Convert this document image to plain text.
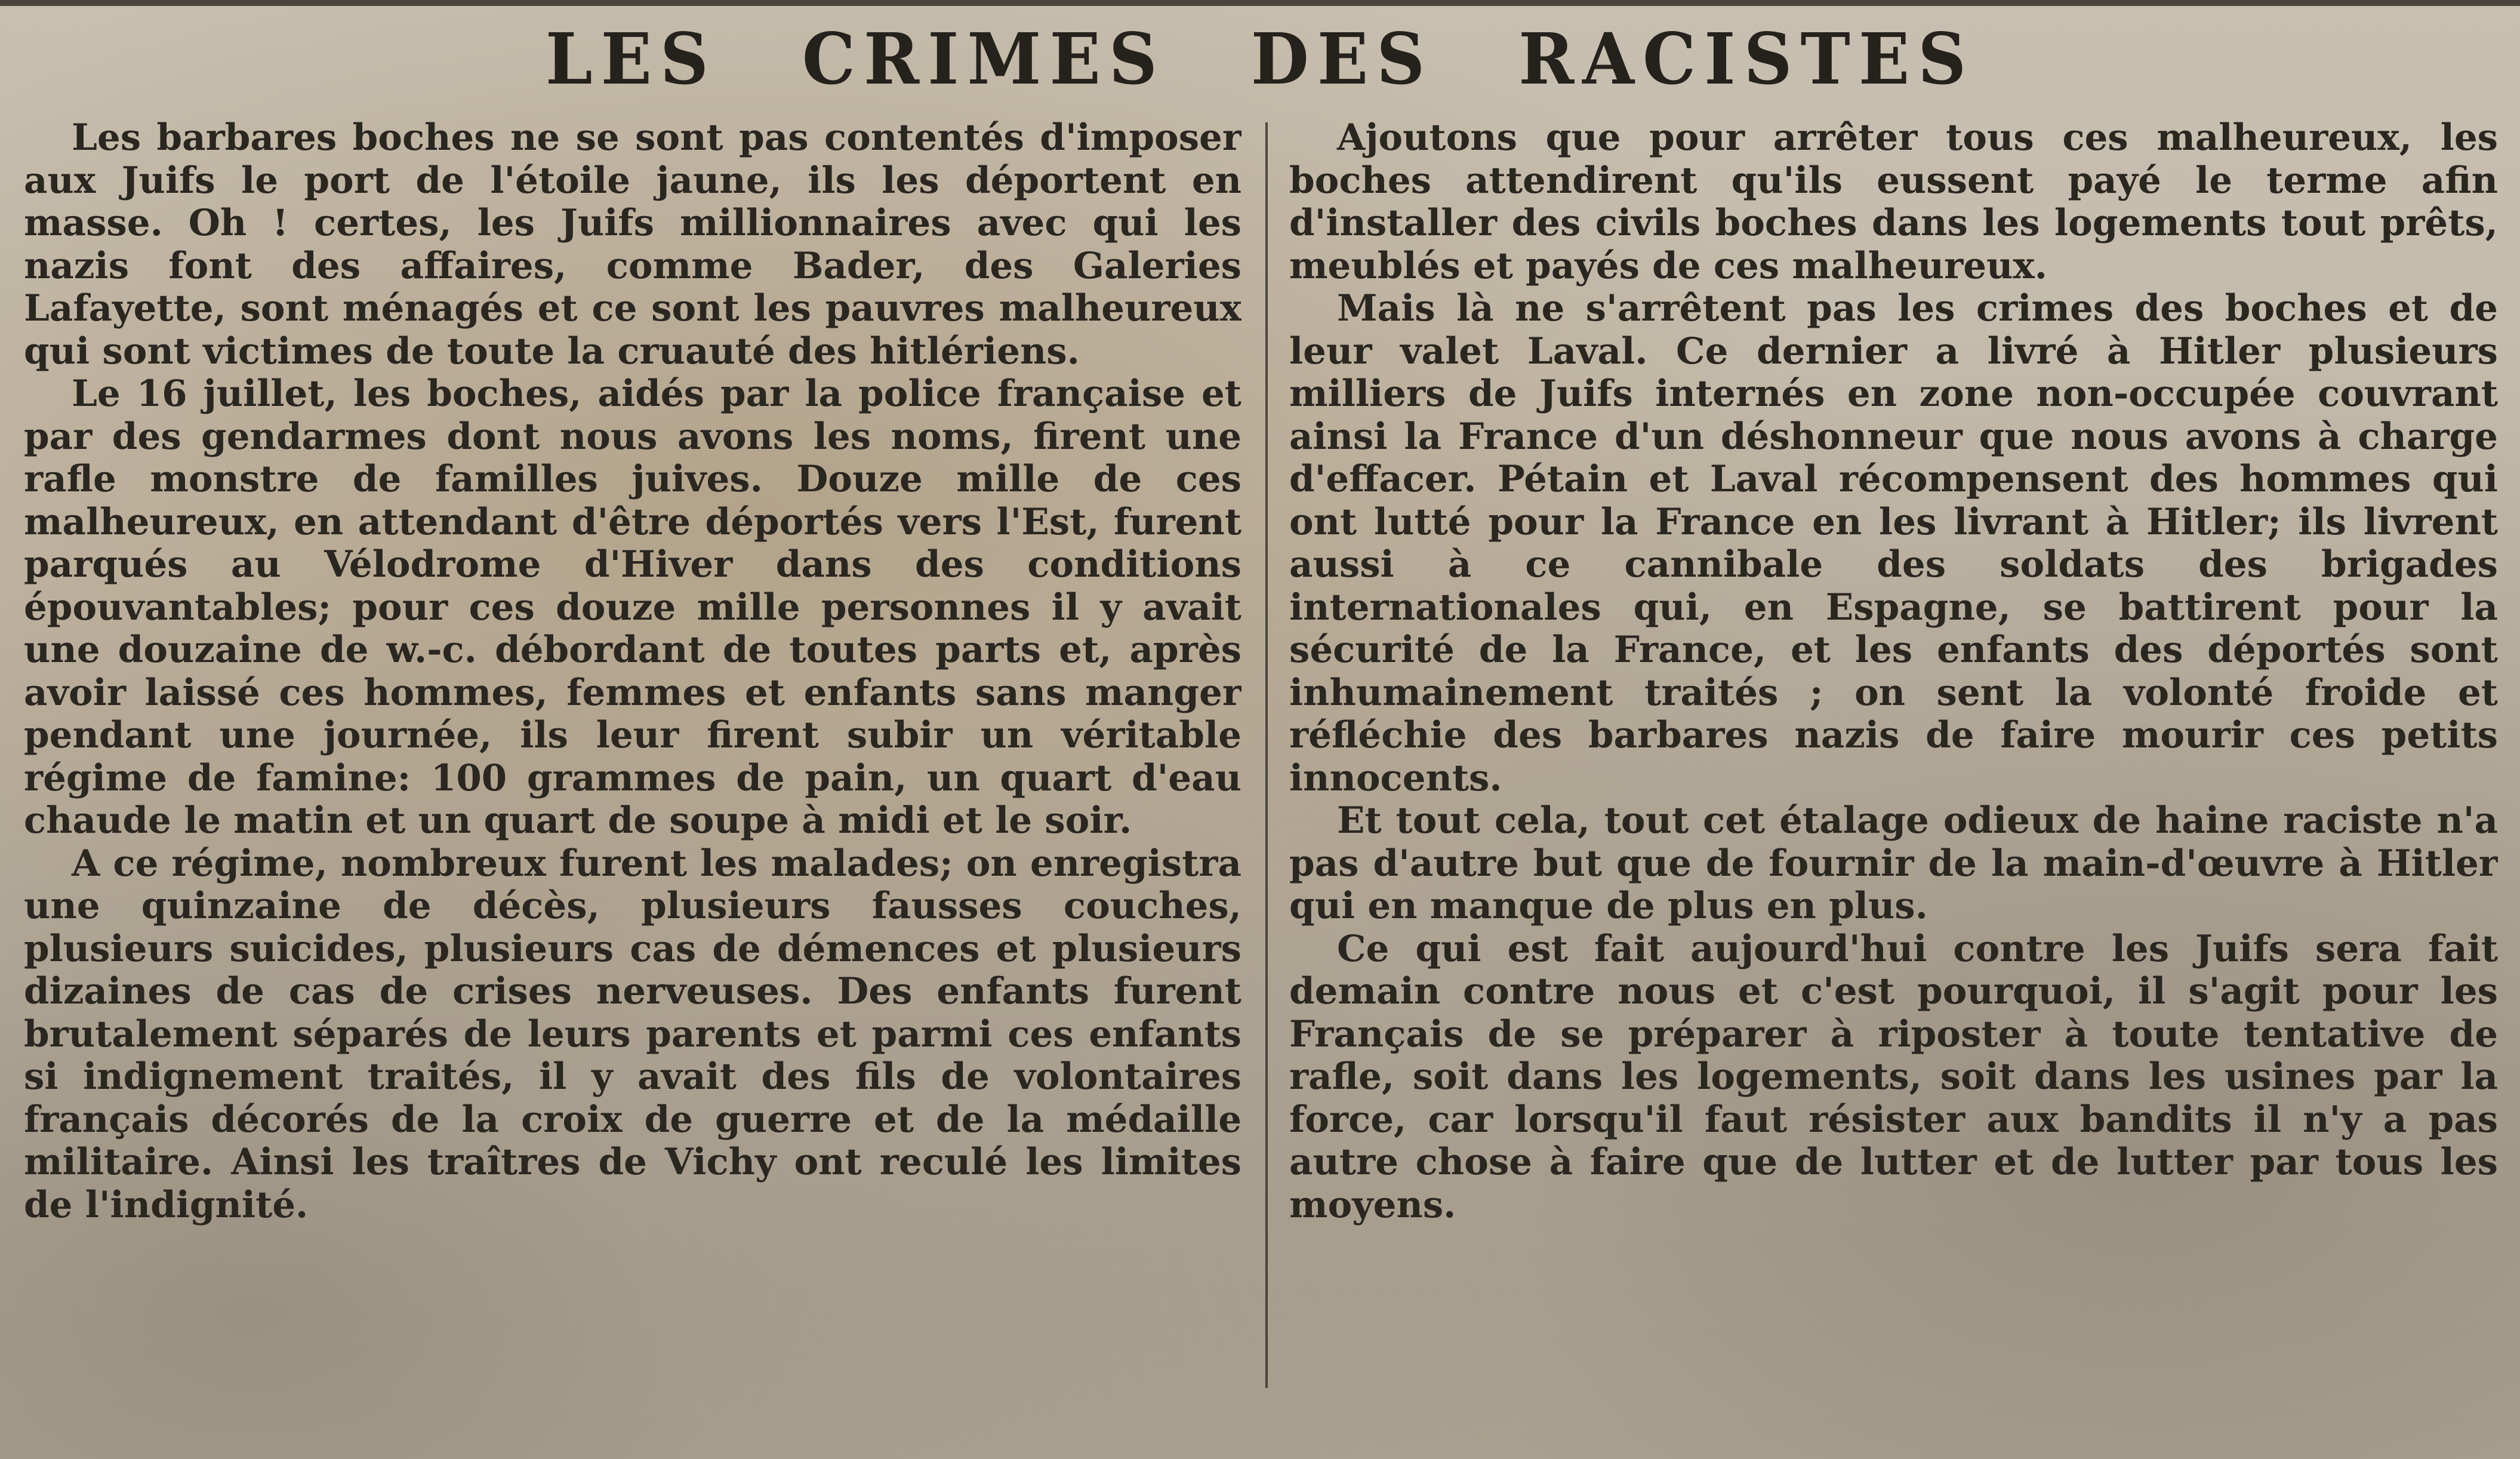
LES CRIMES DES RACISTES

Les barbares boches ne se sont pas contentés d'imposer aux Juifs le port de l'étoile jaune, ils les déportent en masse. Oh ! certes, les Juifs millionnaires avec qui les nazis font des affaires, comme Bader, des Galeries Lafayette, sont ménagés et ce sont les pauvres malheureux qui sont victimes de toute la cruauté des hitlériens.

Le 16 juillet, les boches, aidés par la police française et par des gendarmes dont nous avons les noms, firent une rafle monstre de familles juives. Douze mille de ces malheureux, en attendant d'être déportés vers l'Est, furent parqués au Vélodrome d'Hiver dans des conditions épouvantables; pour ces douze mille personnes il y avait une douzaine de w.-c. débordant de toutes parts et, après avoir laissé ces hommes, femmes et enfants sans manger pendant une journée, ils leur firent subir un véritable régime de famine: 100 grammes de pain, un quart d'eau chaude le matin et un quart de soupe à midi et le soir.

A ce régime, nombreux furent les malades; on enregistra une quinzaine de décès, plusieurs fausses couches, plusieurs suicides, plusieurs cas de démences et plusieurs dizaines de cas de crises nerveuses. Des enfants furent brutalement séparés de leurs parents et parmi ces enfants si indignement traités, il y avait des fils de volontaires français décorés de la croix de guerre et de la médaille militaire. Ainsi les traîtres de Vichy ont reculé les limites de l'indignité.

Ajoutons que pour arrêter tous ces malheureux, les boches attendirent qu'ils eussent payé le terme afin d'installer des civils boches dans les logements tout prêts, meublés et payés de ces malheureux.

Mais là ne s'arrêtent pas les crimes des boches et de leur valet Laval. Ce dernier a livré à Hitler plusieurs milliers de Juifs internés en zone non-occupée couvrant ainsi la France d'un déshonneur que nous avons à charge d'effacer. Pétain et Laval récompensent des hommes qui ont lutté pour la France en les livrant à Hitler; ils livrent aussi à ce cannibale des soldats des brigades internationales qui, en Espagne, se battirent pour la sécurité de la France, et les enfants des déportés sont inhumainement traités ; on sent la volonté froide et réfléchie des barbares nazis de faire mourir ces petits innocents.

Et tout cela, tout cet étalage odieux de haine raciste n'a pas d'autre but que de fournir de la main-d'œuvre à Hitler qui en manque de plus en plus.

Ce qui est fait aujourd'hui contre les Juifs sera fait demain contre nous et c'est pourquoi, il s'agit pour les Français de se préparer à riposter à toute tentative de rafle, soit dans les logements, soit dans les usines par la force, car lorsqu'il faut résister aux bandits il n'y a pas autre chose à faire que de lutter et de lutter par tous les moyens.
